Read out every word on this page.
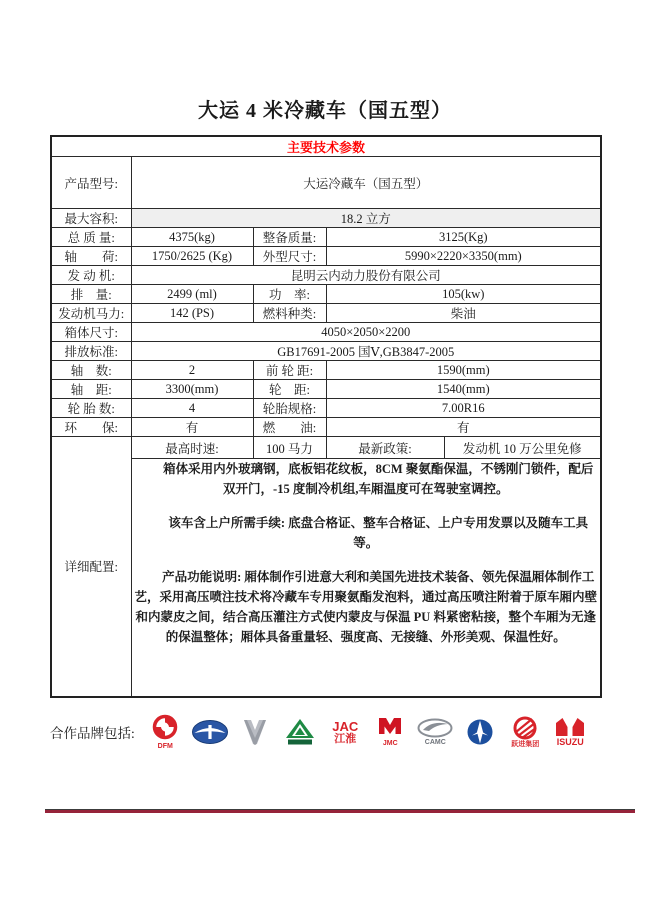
大运 4 米冷藏车（国五型）
主要技术参数				
产品型号:	大运冷藏车（国五型）			
最大容积:	18.2 立方			
总 质 量:	4375(kg)	整备质量:	3125(Kg)	
轴　　荷:	1750/2625 (Kg)	外型尺寸:	5990×2220×3350(mm)	
发 动 机:	昆明云内动力股份有限公司			
排　量:	2499 (ml)	功　率:	105(kw)	
发动机马力:	142 (PS)	燃料种类:	柴油	
箱体尺寸:	4050×2050×2200			
排放标准:	GB17691-2005 国Ⅴ,GB3847-2005			
轴　数:	2	前 轮 距:	1590(mm)	
轴　距:	3300(mm)	轮　距:	1540(mm)	
轮 胎 数:	4	轮胎规格:	7.00R16	
环　　保:	有	燃　　油:	有	
详细配置:	最高时速:	100 马力	最新政策:	发动机 10 万公里免修

	箱体采用内外玻璃钢，底板铝花纹板，8CM 聚氨酯保温，不锈刚门锁件，配后双开门，-15 度制冷机组,车厢温度可在驾驶室调控。

该车含上户所需手续: 底盘合格证、整车合格证、上户专用发票以及随车工具等。

产品功能说明: 厢体制作引进意大利和美国先进技术装备、领先保温厢体制作工艺，采用高压喷注技术将冷藏车专用聚氨酯发泡料，通过高压喷注附着于原车厢内壁和内蒙皮之间，结合高压灌注方式使内蒙皮与保温 PU 料紧密粘接，整个车厢为无逢的保温整体；厢体具备重量轻、强度高、无接缝、外形美观、保温性好。			

合作品牌包括:
DFM
JAC
江淮	JMC	CAMC	跃进集团 ISUZU
